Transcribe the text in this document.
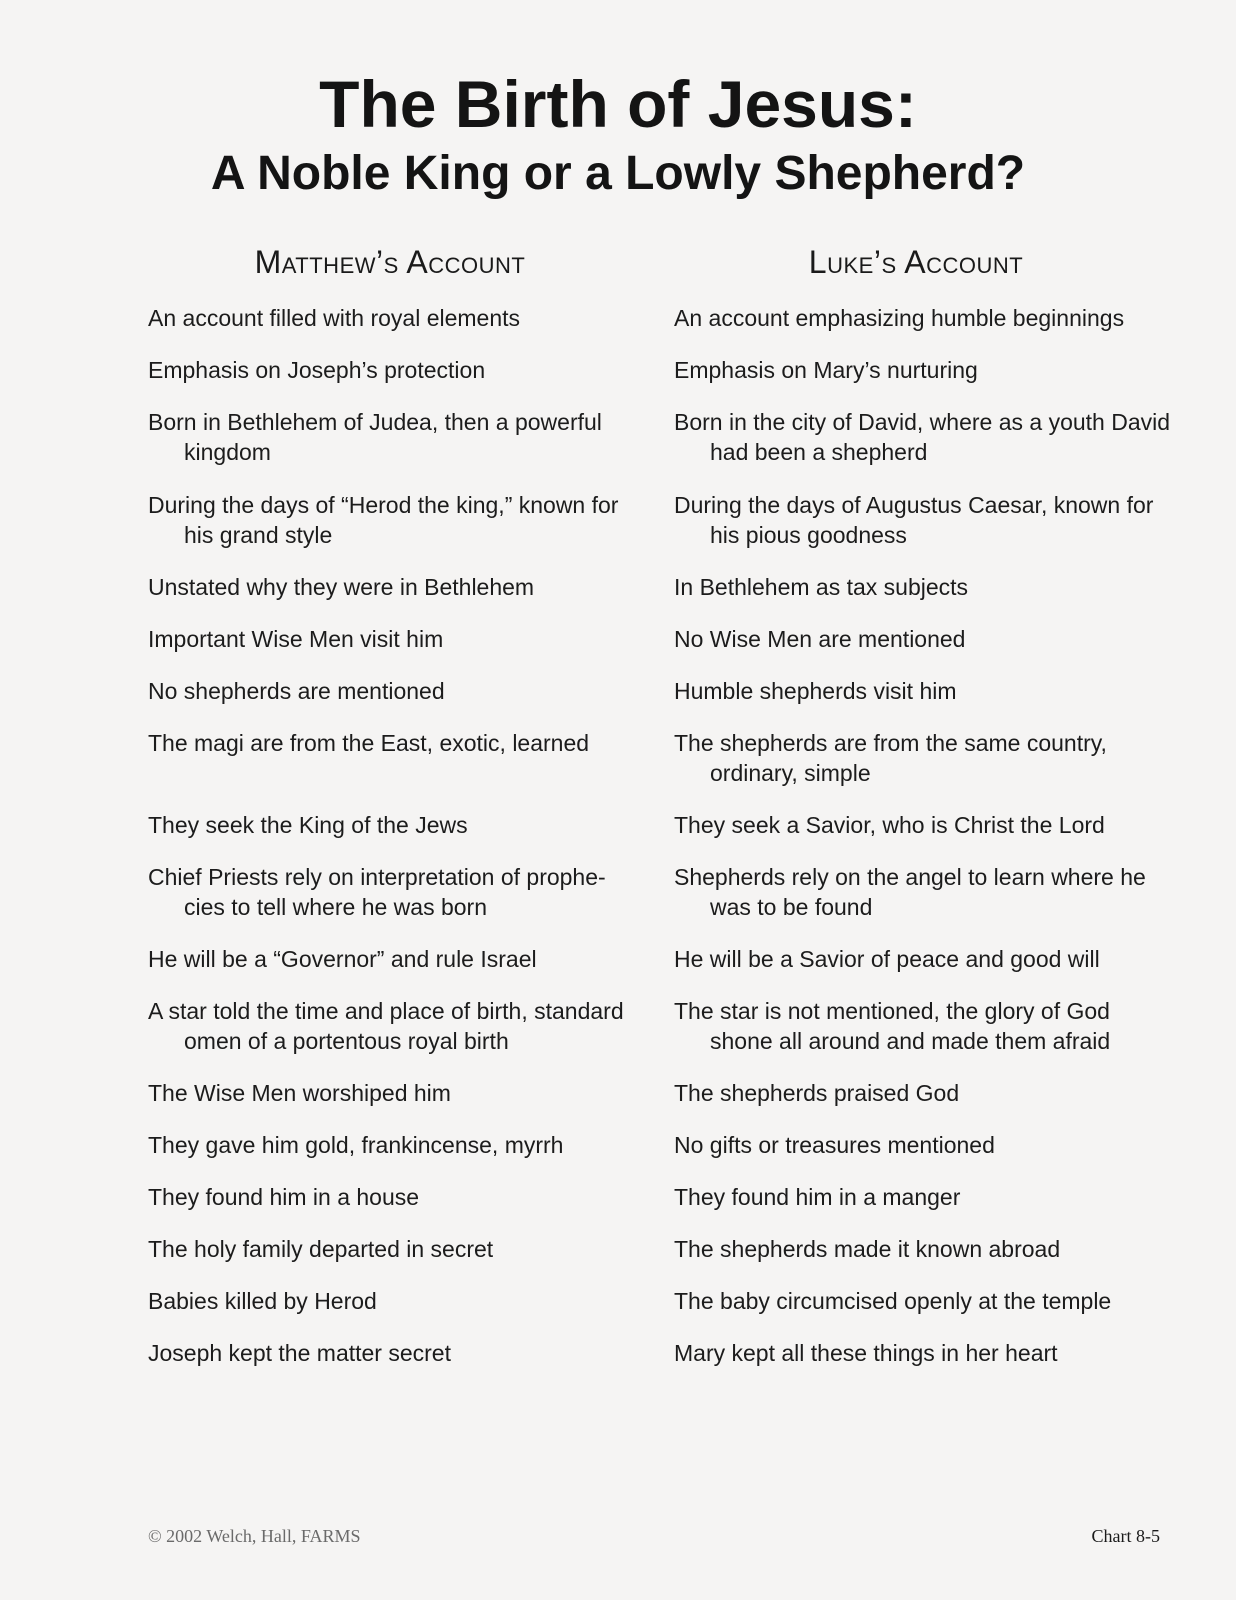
The Birth of Jesus:
A Noble King or a Lowly Shepherd?
Matthew’s Account	Luke’s Account
An account filled with royal elements
Emphasis on Joseph’s protection
Born in Bethlehem of Judea, then a powerful kingdom
During the days of “Herod the king,” known for his grand style
Unstated why they were in Bethlehem
Important Wise Men visit him
No shepherds are mentioned
The magi are from the East, exotic, learned
They seek the King of the Jews
Chief Priests rely on interpretation of prophe-cies to tell where he was born
He will be a “Governor” and rule Israel
A star told the time and place of birth, standard omen of a portentous royal birth
The Wise Men worshiped him
They gave him gold, frankincense, myrrh
They found him in a house
The holy family departed in secret
Babies killed by Herod
Joseph kept the matter secret
An account emphasizing humble beginnings
Emphasis on Mary’s nurturing
Born in the city of David, where as a youth David had been a shepherd
During the days of Augustus Caesar, known for his pious goodness
In Bethlehem as tax subjects
No Wise Men are mentioned
Humble shepherds visit him
The shepherds are from the same country, ordinary, simple
They seek a Savior, who is Christ the Lord
Shepherds rely on the angel to learn where he was to be found
He will be a Savior of peace and good will
The star is not mentioned, the glory of God shone all around and made them afraid
The shepherds praised God
No gifts or treasures mentioned
They found him in a manger
The shepherds made it known abroad
The baby circumcised openly at the temple
Mary kept all these things in her heart
© 2002 Welch, Hall, FARMS	Chart 8-5
